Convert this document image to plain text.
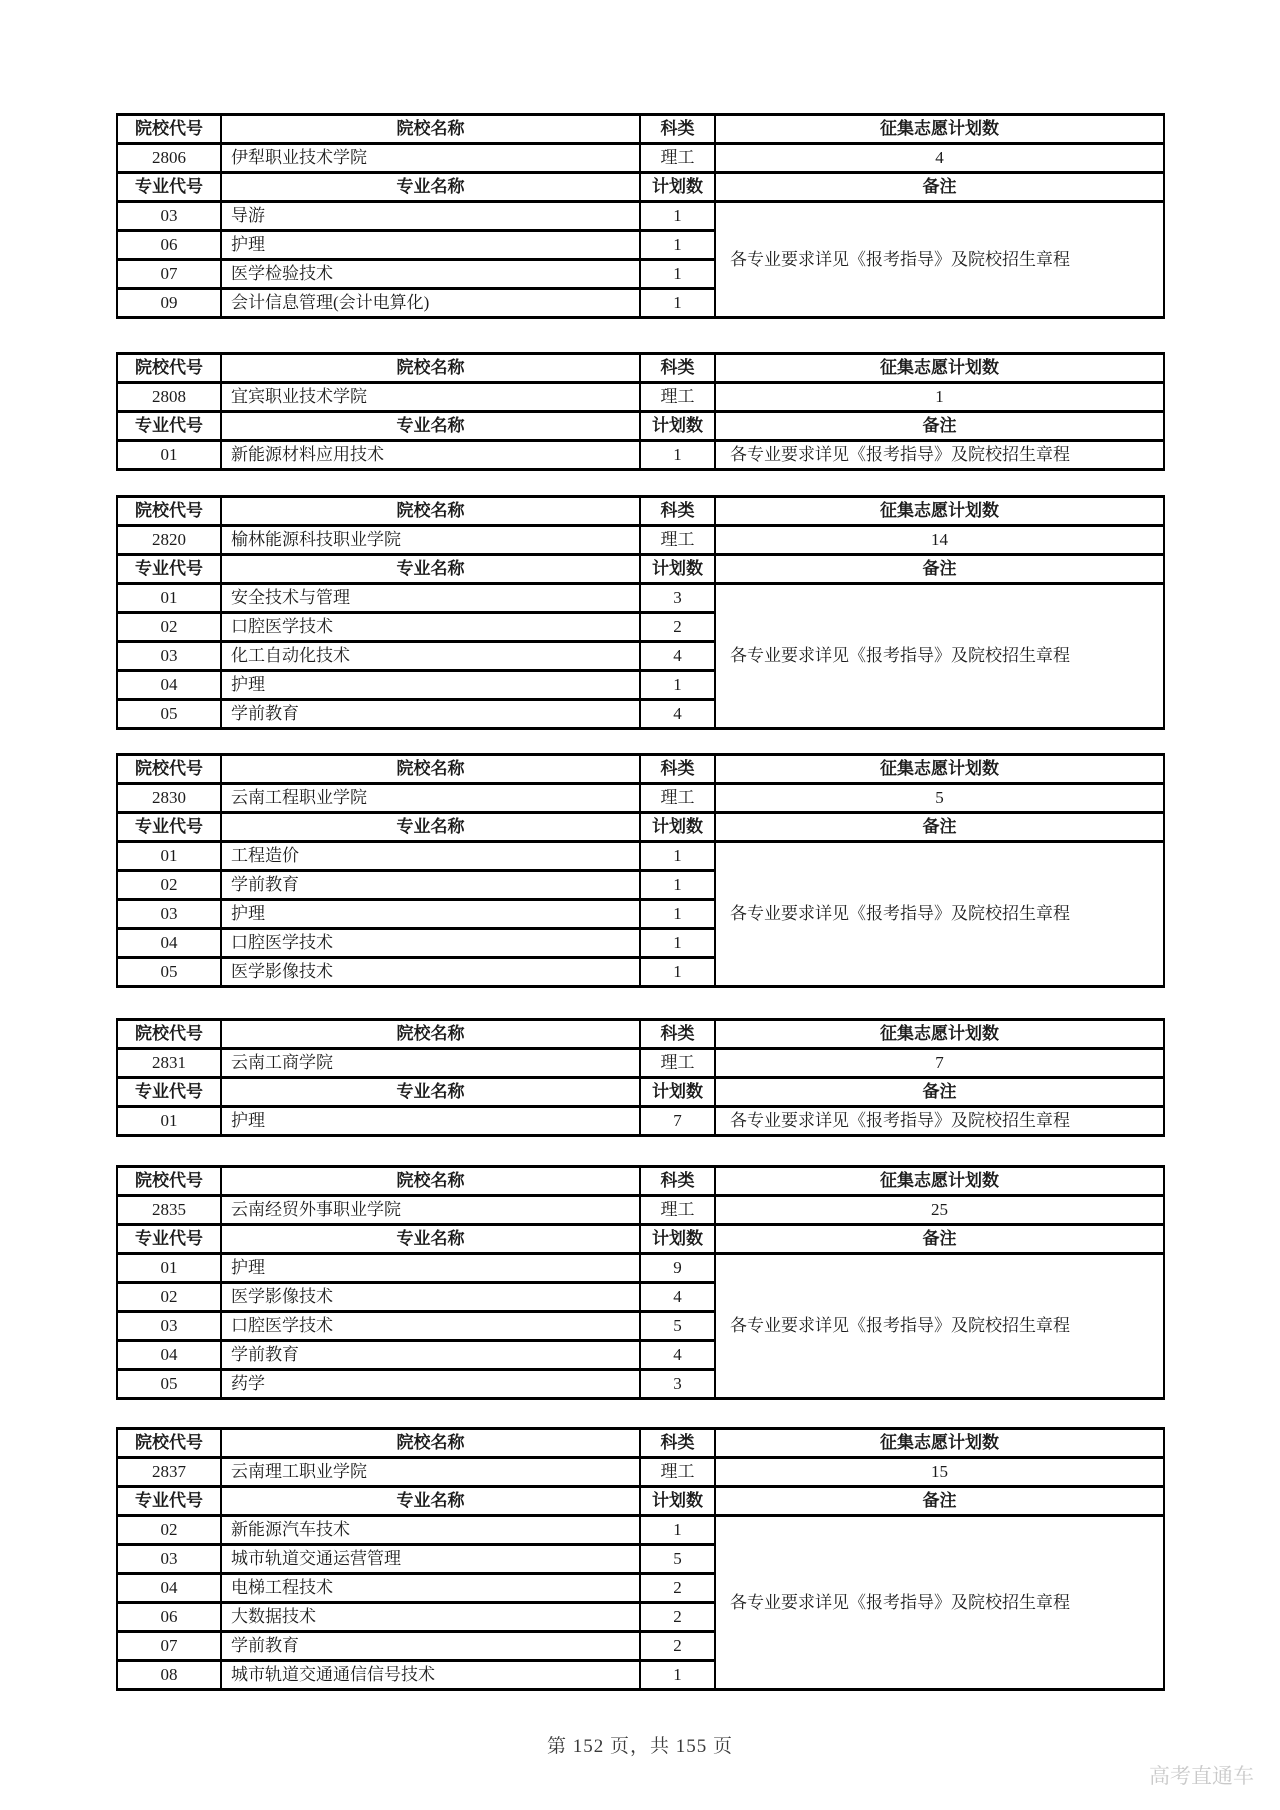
院校代号	院校名称	科类	征集志愿计划数
2806	伊犁职业技术学院	理工	4
专业代号	专业名称	计划数	备注
03	导游	1	各专业要求详见《报考指导》及院校招生章程
06	护理	1	
07	医学检验技术	1	
09	会计信息管理(会计电算化)	1	
院校代号	院校名称	科类	征集志愿计划数
2808	宜宾职业技术学院	理工	1
专业代号	专业名称	计划数	备注
01	新能源材料应用技术	1	各专业要求详见《报考指导》及院校招生章程
院校代号	院校名称	科类	征集志愿计划数
2820	榆林能源科技职业学院	理工	14
专业代号	专业名称	计划数	备注
01	安全技术与管理	3	各专业要求详见《报考指导》及院校招生章程
02	口腔医学技术	2	
03	化工自动化技术	4	
04	护理	1	
05	学前教育	4	
院校代号	院校名称	科类	征集志愿计划数
2830	云南工程职业学院	理工	5
专业代号	专业名称	计划数	备注
01	工程造价	1	各专业要求详见《报考指导》及院校招生章程
02	学前教育	1	
03	护理	1	
04	口腔医学技术	1	
05	医学影像技术	1	
院校代号	院校名称	科类	征集志愿计划数
2831	云南工商学院	理工	7
专业代号	专业名称	计划数	备注
01	护理	7	各专业要求详见《报考指导》及院校招生章程
院校代号	院校名称	科类	征集志愿计划数
2835	云南经贸外事职业学院	理工	25
专业代号	专业名称	计划数	备注
01	护理	9	各专业要求详见《报考指导》及院校招生章程
02	医学影像技术	4	
03	口腔医学技术	5	
04	学前教育	4	
05	药学	3	
院校代号	院校名称	科类	征集志愿计划数
2837	云南理工职业学院	理工	15
专业代号	专业名称	计划数	备注
02	新能源汽车技术	1	各专业要求详见《报考指导》及院校招生章程
03	城市轨道交通运营管理	5	
04	电梯工程技术	2	
06	大数据技术	2	
07	学前教育	2	
08	城市轨道交通通信信号技术	1	
第 152 页，共 155 页
高考直通车
